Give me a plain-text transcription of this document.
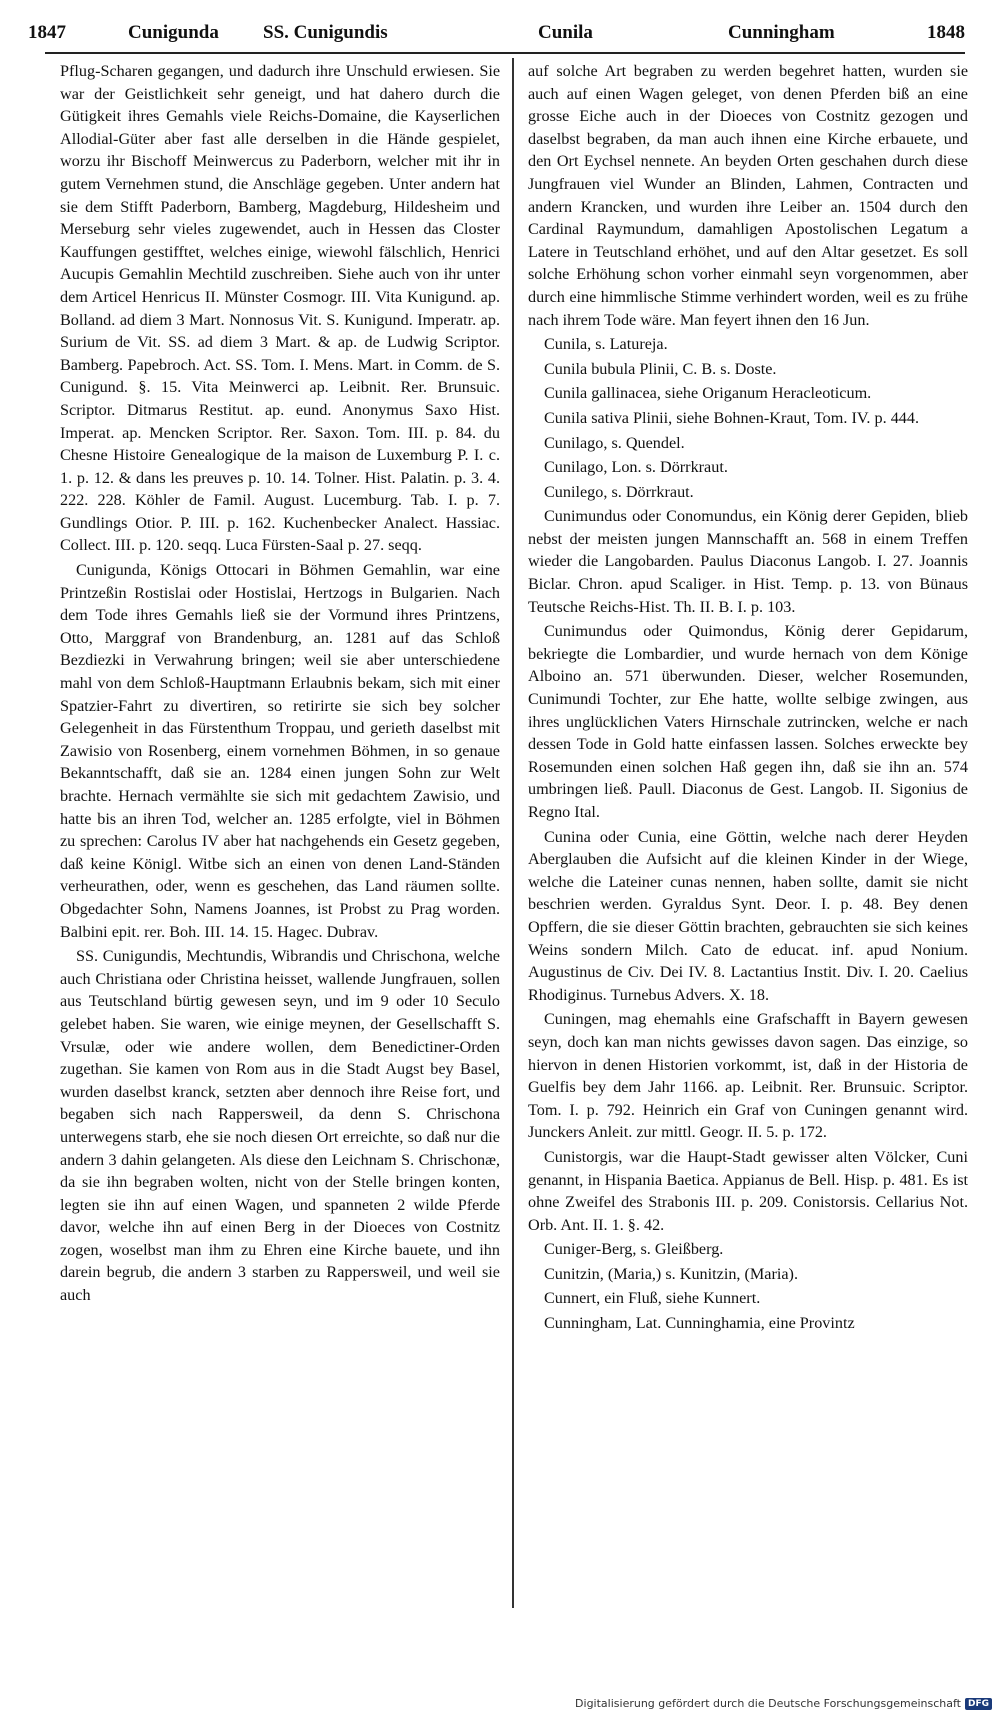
1847	Cunigunda SS. Cunigundis	Cunila	Cunningham	1848

Pflug-Scharen gegangen, und dadurch ihre Unschuld erwiesen. Sie war der Geistlichkeit sehr geneigt, und hat dahero durch die Gütigkeit ihres Gemahls viele Reichs-Domaine, die Kayserlichen Allodial-Güter aber fast alle derselben in die Hände gespielet, worzu ihr Bischoff Meinwercus zu Paderborn, welcher mit ihr in gutem Vernehmen stund, die Anschläge gegeben. Unter andern hat sie dem Stifft Paderborn, Bamberg, Magdeburg, Hildesheim und Merseburg sehr vieles zugewendet, auch in Hessen das Closter Kauffungen gestifftet, welches einige, wiewohl fälschlich, Henrici Aucupis Gemahlin Mechtild zuschreiben. Siehe auch von ihr unter dem Articel Henricus II. Münster Cosmogr. III. Vita Kunigund. ap. Bolland. ad diem 3 Mart. Nonnosus Vit. S. Kunigund. Imperatr. ap. Surium de Vit. SS. ad diem 3 Mart. & ap. de Ludwig Scriptor. Bamberg. Papebroch. Act. SS. Tom. I. Mens. Mart. in Comm. de S. Cunigund. §. 15. Vita Meinwerci ap. Leibnit. Rer. Brunsuic. Scriptor. Ditmarus Restitut. ap. eund. Anonymus Saxo Hist. Imperat. ap. Mencken Scriptor. Rer. Saxon. Tom. III. p. 84. du Chesne Histoire Genealogique de la maison de Luxemburg P. I. c. 1. p. 12. & dans les preuves p. 10. 14. Tolner. Hist. Palatin. p. 3. 4. 222. 228. Köhler de Famil. August. Lucemburg. Tab. I. p. 7. Gundlings Otior. P. III. p. 162. Kuchenbecker Analect. Hassiac. Collect. III. p. 120. seqq. Luca Fürsten-Saal p. 27. seqq.

Cunigunda, Königs Ottocari in Böhmen Gemahlin, war eine Printzeßin Rostislai oder Hostislai, Hertzogs in Bulgarien. Nach dem Tode ihres Gemahls ließ sie der Vormund ihres Printzens, Otto, Marggraf von Brandenburg, an. 1281 auf das Schloß Bezdiezki in Verwahrung bringen; weil sie aber unterschiedene mahl von dem Schloß-Hauptmann Erlaubnis bekam, sich mit einer Spatzier-Fahrt zu divertiren, so retirirte sie sich bey solcher Gelegenheit in das Fürstenthum Troppau, und gerieth daselbst mit Zawisio von Rosenberg, einem vornehmen Böhmen, in so genaue Bekanntschafft, daß sie an. 1284 einen jungen Sohn zur Welt brachte. Hernach vermählte sie sich mit gedachtem Zawisio, und hatte bis an ihren Tod, welcher an. 1285 erfolgte, viel in Böhmen zu sprechen: Carolus IV aber hat nachgehends ein Gesetz gegeben, daß keine Königl. Witbe sich an einen von denen Land-Ständen verheurathen, oder, wenn es geschehen, das Land räumen sollte. Obgedachter Sohn, Namens Joannes, ist Probst zu Prag worden. Balbini epit. rer. Boh. III. 14. 15. Hagec. Dubrav.

SS. Cunigundis, Mechtundis, Wibrandis und Chrischona, welche auch Christiana oder Christina heisset, wallende Jungfrauen, sollen aus Teutschland bürtig gewesen seyn, und im 9 oder 10 Seculo gelebet haben. Sie waren, wie einige meynen, der Gesellschafft S. Vrsulæ, oder wie andere wollen, dem Benedictiner-Orden zugethan. Sie kamen von Rom aus in die Stadt Augst bey Basel, wurden daselbst kranck, setzten aber dennoch ihre Reise fort, und begaben sich nach Rappersweil, da denn S. Chrischona unterwegens starb, ehe sie noch diesen Ort erreichte, so daß nur die andern 3 dahin gelangeten. Als diese den Leichnam S. Chrischonæ, da sie ihn begraben wolten, nicht von der Stelle bringen konten, legten sie ihn auf einen Wagen, und spanneten 2 wilde Pferde davor, welche ihn auf einen Berg in der Dioeces von Costnitz zogen, woselbst man ihm zu Ehren eine Kirche bauete, und ihn darein begrub, die andern 3 starben zu Rappersweil, und weil sie auch

auf solche Art begraben zu werden begehret hatten, wurden sie auch auf einen Wagen geleget, von denen Pferden biß an eine grosse Eiche auch in der Dioeces von Costnitz gezogen und daselbst begraben, da man auch ihnen eine Kirche erbauete, und den Ort Eychsel nennete. An beyden Orten geschahen durch diese Jungfrauen viel Wunder an Blinden, Lahmen, Contracten und andern Krancken, und wurden ihre Leiber an. 1504 durch den Cardinal Raymundum, damahligen Apostolischen Legatum a Latere in Teutschland erhöhet, und auf den Altar gesetzet. Es soll solche Erhöhung schon vorher einmahl seyn vorgenommen, aber durch eine himmlische Stimme verhindert worden, weil es zu frühe nach ihrem Tode wäre. Man feyert ihnen den 16 Jun.

Cunila, s. Latureja.

Cunila bubula Plinii, C. B. s. Doste.

Cunila gallinacea, siehe Origanum Heracleoticum.

Cunila sativa Plinii, siehe Bohnen-Kraut, Tom. IV. p. 444.

Cunilago, s. Quendel.

Cunilago, Lon. s. Dörrkraut.

Cunilego, s. Dörrkraut.

Cunimundus oder Conomundus, ein König derer Gepiden, blieb nebst der meisten jungen Mannschafft an. 568 in einem Treffen wieder die Langobarden. Paulus Diaconus Langob. I. 27. Joannis Biclar. Chron. apud Scaliger. in Hist. Temp. p. 13. von Bünaus Teutsche Reichs-Hist. Th. II. B. I. p. 103.

Cunimundus oder Quimondus, König derer Gepidarum, bekriegte die Lombardier, und wurde hernach von dem Könige Alboino an. 571 überwunden. Dieser, welcher Rosemunden, Cunimundi Tochter, zur Ehe hatte, wollte selbige zwingen, aus ihres unglücklichen Vaters Hirnschale zutrincken, welche er nach dessen Tode in Gold hatte einfassen lassen. Solches erweckte bey Rosemunden einen solchen Haß gegen ihn, daß sie ihn an. 574 umbringen ließ. Paull. Diaconus de Gest. Langob. II. Sigonius de Regno Ital.

Cunina oder Cunia, eine Göttin, welche nach derer Heyden Aberglauben die Aufsicht auf die kleinen Kinder in der Wiege, welche die Lateiner cunas nennen, haben sollte, damit sie nicht beschrien werden. Gyraldus Synt. Deor. I. p. 48. Bey denen Opffern, die sie dieser Göttin brachten, gebrauchten sie sich keines Weins sondern Milch. Cato de educat. inf. apud Nonium. Augustinus de Civ. Dei IV. 8. Lactantius Instit. Div. I. 20. Caelius Rhodiginus. Turnebus Advers. X. 18.

Cuningen, mag ehemahls eine Grafschafft in Bayern gewesen seyn, doch kan man nichts gewisses davon sagen. Das einzige, so hiervon in denen Historien vorkommt, ist, daß in der Historia de Guelfis bey dem Jahr 1166. ap. Leibnit. Rer. Brunsuic. Scriptor. Tom. I. p. 792. Heinrich ein Graf von Cuningen genannt wird. Junckers Anleit. zur mittl. Geogr. II. 5. p. 172.

Cunistorgis, war die Haupt-Stadt gewisser alten Völcker, Cuni genannt, in Hispania Baetica. Appianus de Bell. Hisp. p. 481. Es ist ohne Zweifel des Strabonis III. p. 209. Conistorsis. Cellarius Not. Orb. Ant. II. 1. §. 42.

Cuniger-Berg, s. Gleißberg.

Cunitzin, (Maria,) s. Kunitzin, (Maria).

Cunnert, ein Fluß, siehe Kunnert.

Cunningham, Lat. Cunninghamia, eine Provintz

Digitalisierung gefördert durch die Deutsche Forschungsgemeinschaft DFG
